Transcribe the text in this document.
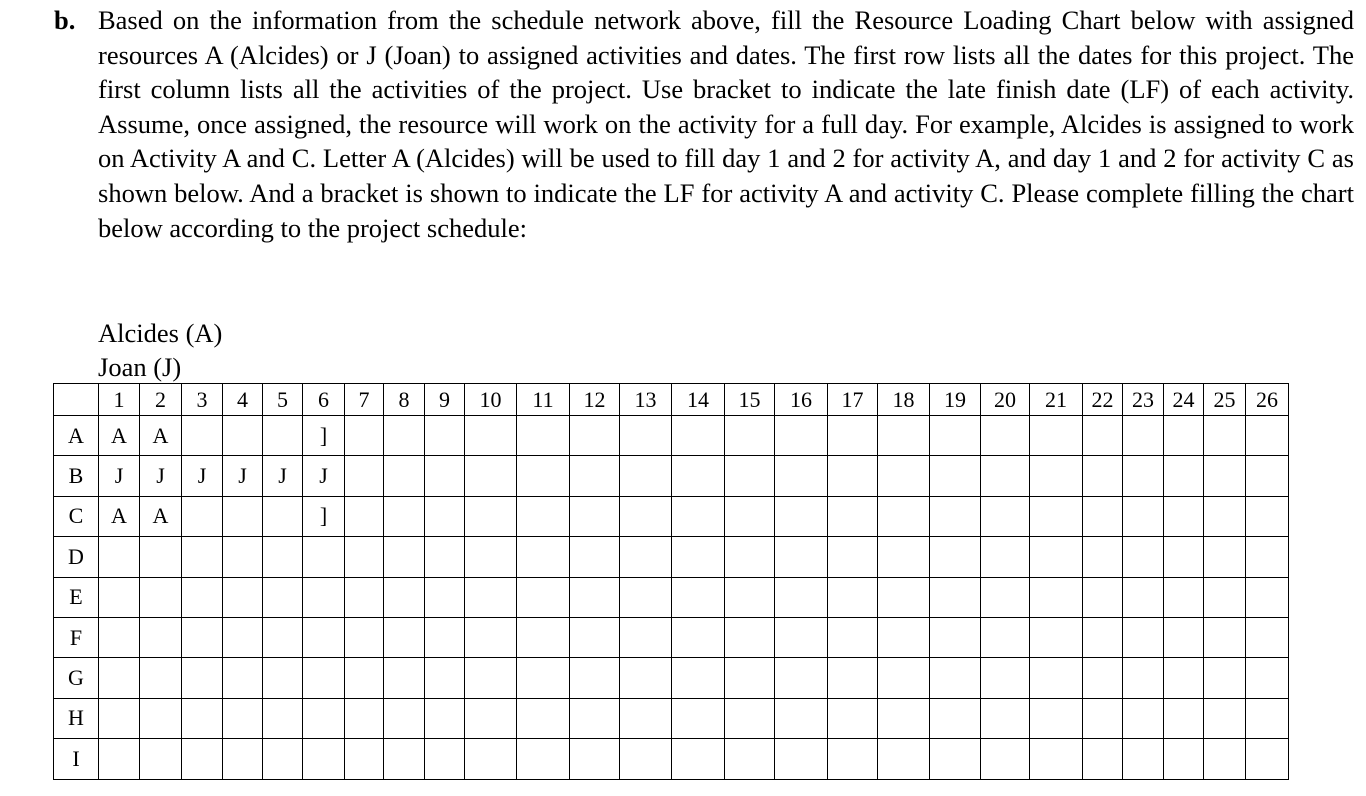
b. Based on the information from the schedule network above, fill the Resource Loading Chart below with assigned resources A (Alcides) or J (Joan) to assigned activities and dates. The first row lists all the dates for this project. The first column lists all the activities of the project. Use bracket to indicate the late finish date (LF) of each activity. Assume, once assigned, the resource will work on the activity for a full day. For example, Alcides is assigned to work on Activity A and C. Letter A (Alcides) will be used to fill day 1 and 2 for activity A, and day 1 and 2 for activity C as shown below. And a bracket is shown to indicate the LF for activity A and activity C. Please complete filling the chart below according to the project schedule:
Alcides (A)
Joan (J)
	1	2	3	4	5	6	7	8	9	10	11	12	13	14	15	16	17	18	19	20	21	22	23	24	25	26
A	A	A				]																				
B	J	J	J	J	J	J																				
C	A	A				]																				
D																										
E																										
F																										
G																										
H																										
I																										
